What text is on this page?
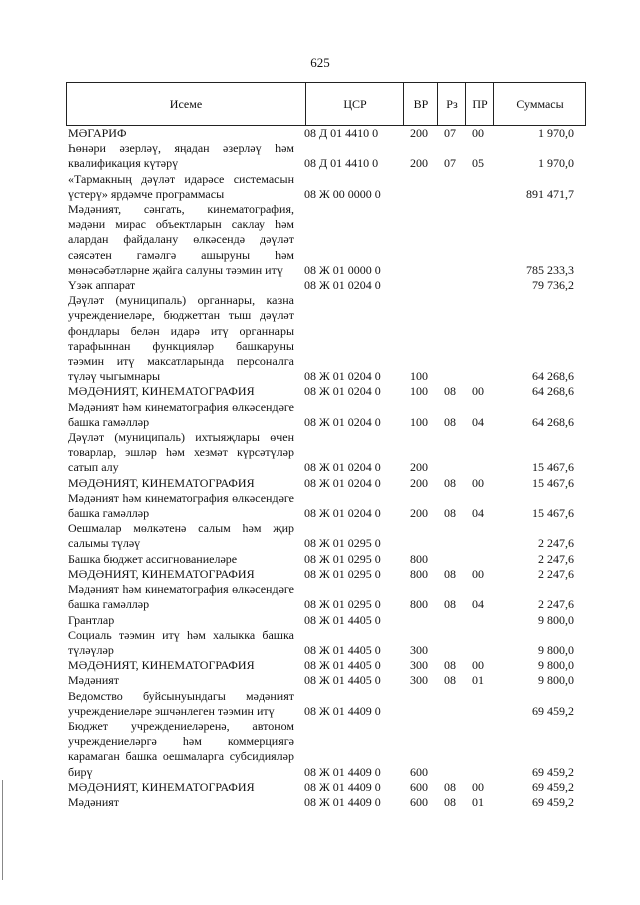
625
Исеме	ЦСР	ВР	Рз	ПР	Суммасы
МӘГАРИФ	08 Д 01 4410 0	200	07	00	1 970,0
Һөнәри әзерләү, яңадан әзерләү һәм квалификация күтәрү	08 Д 01 4410 0	200	07	05	1 970,0
«Тармакның дәүләт идарәсе системасын үстерү» ярдәмче программасы	08 Ж 00 0000 0	891 471,7
Мәдәният, сәнгать, кинематография, мәдәни мирас объектларын саклау һәм алардан файдалану өлкәсендә дәүләт сәясәтен гамәлгә ашыруны һәм мөнәсәбәтләрне җайга салуны тәэмин итү	08 Ж 01 0000 0	785 233,3
Үзәк аппарат	08 Ж 01 0204 0	79 736,2
Дәүләт (муниципаль) органнары, казна учреждениеләре, бюджеттан тыш дәүләт фондлары белән идарә итү органнары тарафыннан функцияләр башкаруны тәэмин итү максатларында персоналга түләү чыгымнары	08 Ж 01 0204 0	100	64 268,6
МӘДӘНИЯТ, КИНЕМАТОГРАФИЯ	08 Ж 01 0204 0	100	08	00	64 268,6
Мәдәният һәм кинематография өлкәсендәге башка гамәлләр	08 Ж 01 0204 0	100	08	04	64 268,6
Дәүләт (муниципаль) ихтыяҗлары өчен товарлар, эшләр һәм хезмәт күрсәтүләр сатып алу	08 Ж 01 0204 0	200	15 467,6
МӘДӘНИЯТ, КИНЕМАТОГРАФИЯ	08 Ж 01 0204 0	200	08	00	15 467,6
Мәдәният һәм кинематография өлкәсендәге башка гамәлләр	08 Ж 01 0204 0	200	08	04	15 467,6
Оешмалар мөлкәтенә салым һәм җир салымы түләү	08 Ж 01 0295 0	2 247,6
Башка бюджет ассигнованиеләре	08 Ж 01 0295 0	800	2 247,6
МӘДӘНИЯТ, КИНЕМАТОГРАФИЯ	08 Ж 01 0295 0	800	08	00	2 247,6
Мәдәният һәм кинематография өлкәсендәге башка гамәлләр	08 Ж 01 0295 0	800	08	04	2 247,6
Грантлар	08 Ж 01 4405 0	9 800,0
Социаль тәэмин итү һәм халыкка башка түләүләр	08 Ж 01 4405 0	300	9 800,0
МӘДӘНИЯТ, КИНЕМАТОГРАФИЯ	08 Ж 01 4405 0	300	08	00	9 800,0
Мәдәният	08 Ж 01 4405 0	300	08	01	9 800,0
Ведомство буйсынуындагы мәдәният учреждениеләре эшчәнлеген тәэмин итү	08 Ж 01 4409 0	69 459,2
Бюджет учреждениеләренә, автоном учреждениеләргә һәм коммерциягә карамаган башка оешмаларга субсидияләр бирү	08 Ж 01 4409 0	600	69 459,2
МӘДӘНИЯТ, КИНЕМАТОГРАФИЯ	08 Ж 01 4409 0	600	08	00	69 459,2
Мәдәният	08 Ж 01 4409 0	600	08	01	69 459,2
